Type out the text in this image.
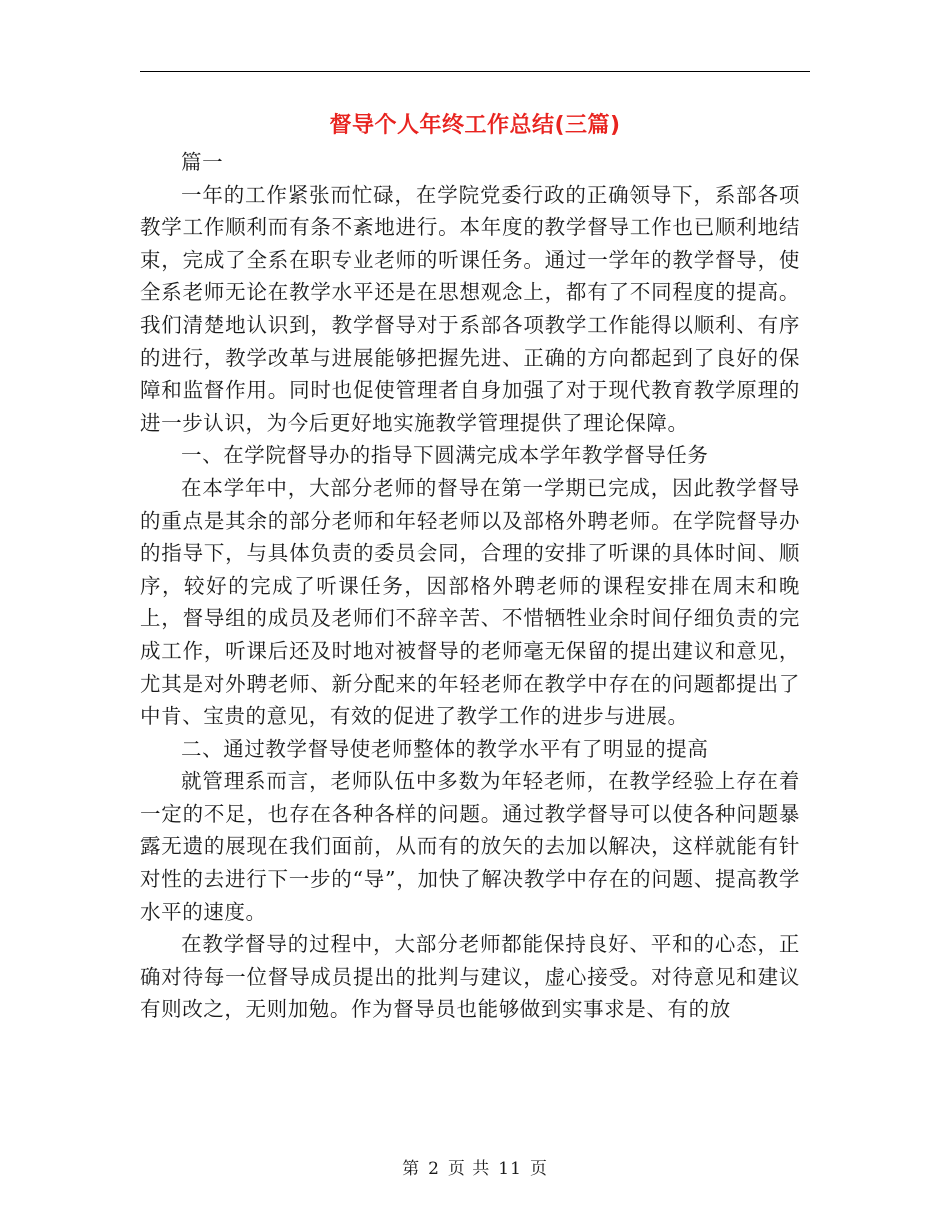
督导个人年终工作总结(三篇)

篇一

一年的工作紧张而忙碌，在学院党委行政的正确领导下，系部各项教学工作顺利而有条不紊地进行。本年度的教学督导工作也已顺利地结束，完成了全系在职专业老师的听课任务。通过一学年的教学督导，使全系老师无论在教学水平还是在思想观念上，都有了不同程度的提高。我们清楚地认识到，教学督导对于系部各项教学工作能得以顺利、有序的进行，教学改革与进展能够把握先进、正确的方向都起到了良好的保障和监督作用。同时也促使管理者自身加强了对于现代教育教学原理的进一步认识，为今后更好地实施教学管理提供了理论保障。

一、在学院督导办的指导下圆满完成本学年教学督导任务

在本学年中，大部分老师的督导在第一学期已完成，因此教学督导的重点是其余的部分老师和年轻老师以及部格外聘老师。在学院督导办的指导下，与具体负责的委员会同，合理的安排了听课的具体时间、顺序，较好的完成了听课任务，因部格外聘老师的课程安排在周末和晚上，督导组的成员及老师们不辞辛苦、不惜牺牲业余时间仔细负责的完成工作，听课后还及时地对被督导的老师毫无保留的提出建议和意见，尤其是对外聘老师、新分配来的年轻老师在教学中存在的问题都提出了中肯、宝贵的意见，有效的促进了教学工作的进步与进展。

二、通过教学督导使老师整体的教学水平有了明显的提高

就管理系而言，老师队伍中多数为年轻老师，在教学经验上存在着一定的不足，也存在各种各样的问题。通过教学督导可以使各种问题暴露无遗的展现在我们面前，从而有的放矢的去加以解决，这样就能有针对性的去进行下一步的“导”，加快了解决教学中存在的问题、提高教学水平的速度。

在教学督导的过程中，大部分老师都能保持良好、平和的心态，正确对待每一位督导成员提出的批判与建议，虚心接受。对待意见和建议有则改之，无则加勉。作为督导员也能够做到实事求是、有的放

第 2 页 共 11 页
